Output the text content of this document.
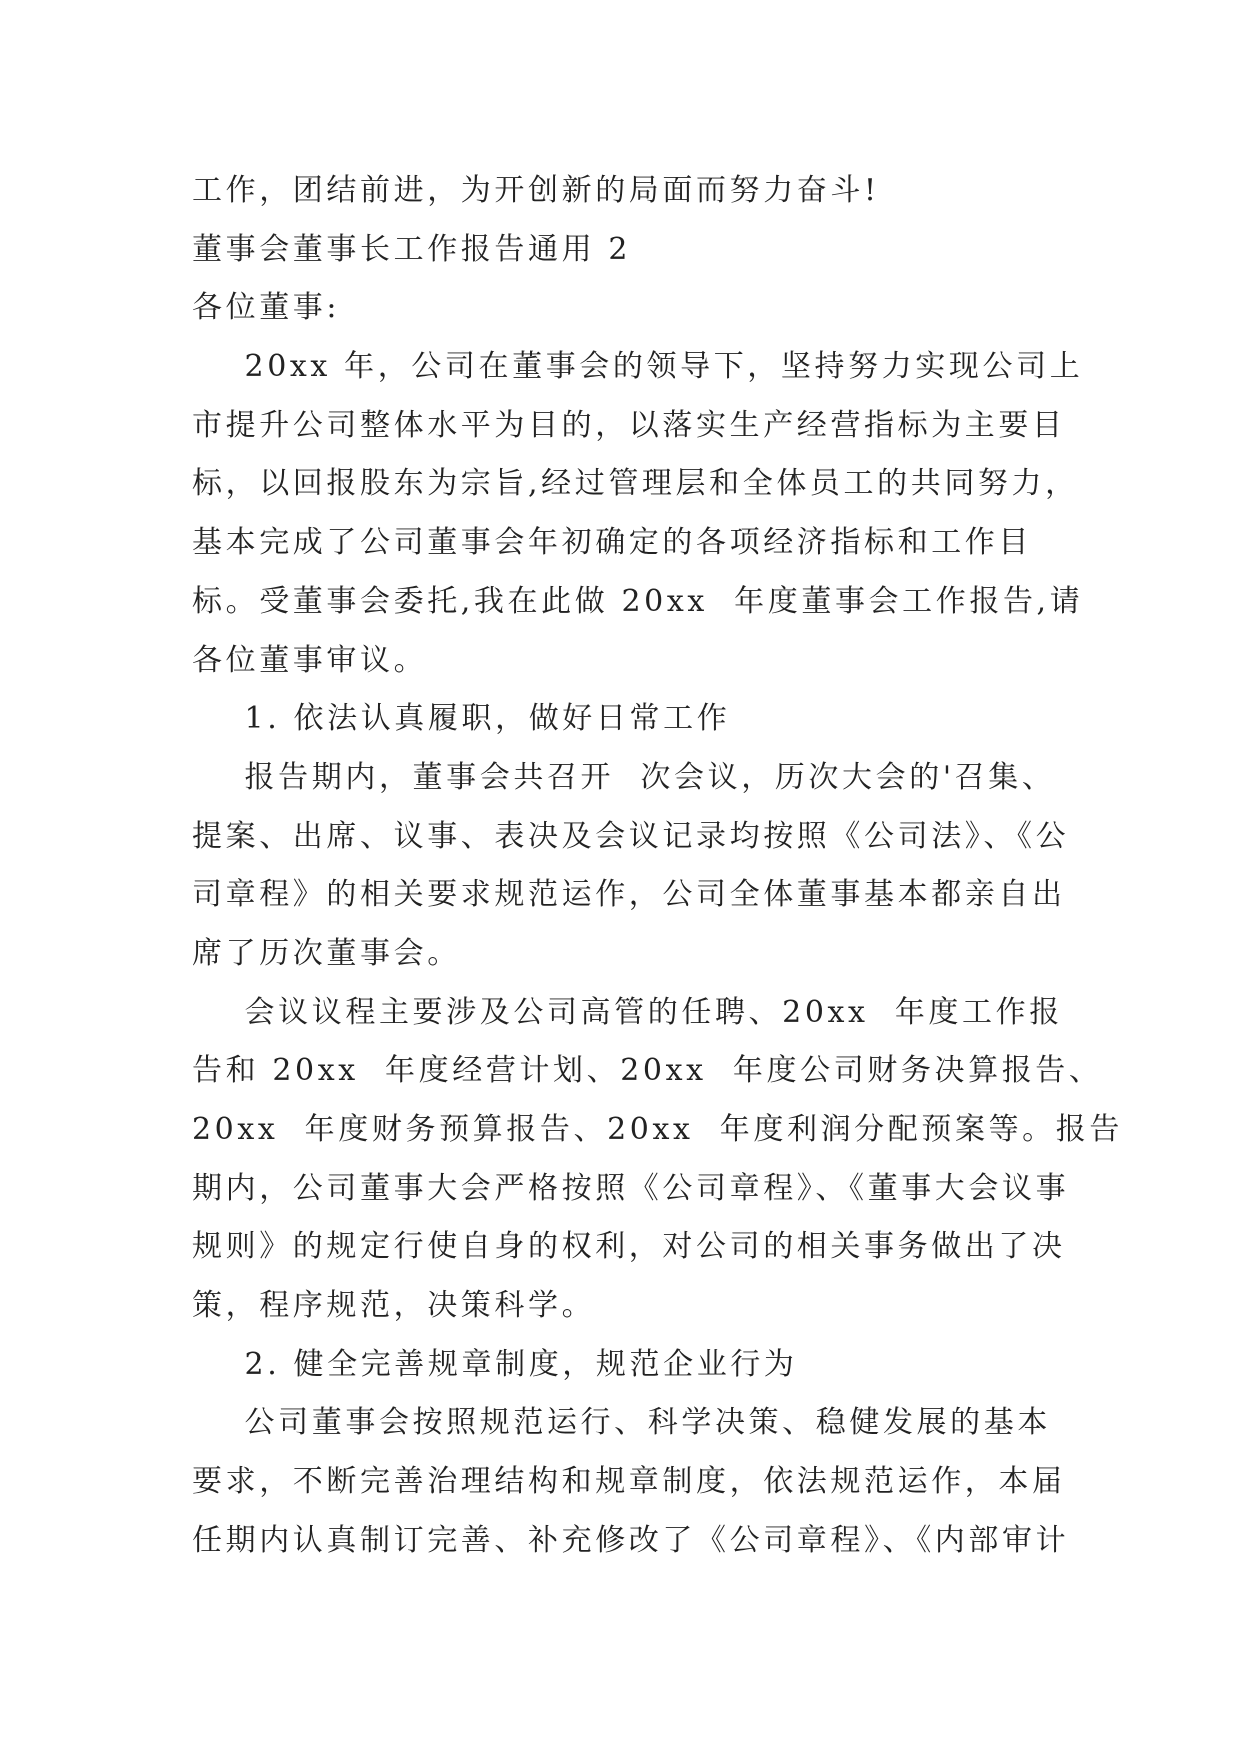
工作，团结前进，为开创新的局面而努力奋斗!
董事会董事长工作报告通用 2
各位董事:
20xx 年，公司在董事会的领导下，坚持努力实现公司上
市提升公司整体水平为目的，以落实生产经营指标为主要目
标，以回报股东为宗旨,经过管理层和全体员工的共同努力，
基本完成了公司董事会年初确定的各项经济指标和工作目
标。受董事会委托,我在此做 20xx  年度董事会工作报告,请
各位董事审议。
1. 依法认真履职，做好日常工作
报告期内，董事会共召开  次会议，历次大会的'召集、
提案、出席、议事、表决及会议记录均按照《公司法》、《公
司章程》的相关要求规范运作，公司全体董事基本都亲自出
席了历次董事会。
会议议程主要涉及公司高管的任聘、20xx  年度工作报
告和 20xx  年度经营计划、20xx  年度公司财务决算报告、
20xx  年度财务预算报告、20xx  年度利润分配预案等。报告
期内，公司董事大会严格按照《公司章程》、《董事大会议事
规则》的规定行使自身的权利，对公司的相关事务做出了决
策，程序规范，决策科学。
2. 健全完善规章制度，规范企业行为
公司董事会按照规范运行、科学决策、稳健发展的基本
要求，不断完善治理结构和规章制度，依法规范运作，本届
任期内认真制订完善、补充修改了《公司章程》、《内部审计
